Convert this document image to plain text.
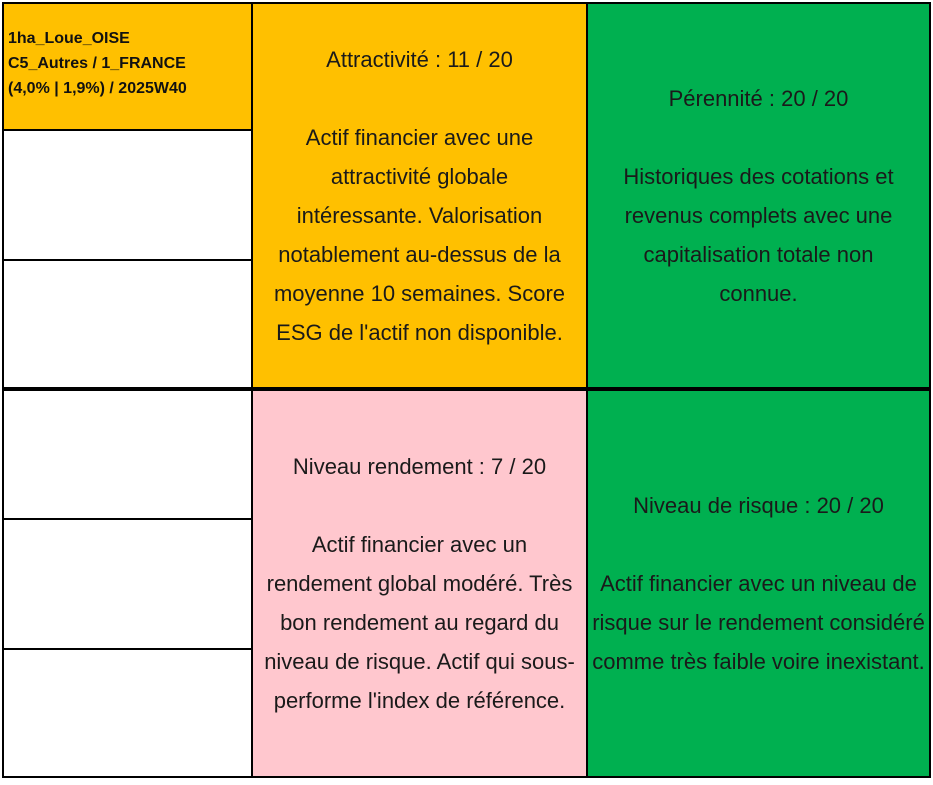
1ha_Loue_OISE
C5_Autres / 1_FRANCE
(4,0% | 1,9%) / 2025W40
Attractivité : 11 / 20
Actif financier avec une attractivité globale intéressante. Valorisation notablement au-dessus de la moyenne 10 semaines. Score ESG de l'actif non disponible.
Pérennité : 20 / 20
Historiques des cotations et revenus complets avec une capitalisation totale non connue.
Niveau rendement : 7 / 20
Actif financier avec un rendement global modéré. Très bon rendement au regard du niveau de risque. Actif qui sous-performe l'index de référence.
Niveau de risque : 20 / 20
Actif financier avec un niveau de risque sur le rendement considéré comme très faible voire inexistant.
